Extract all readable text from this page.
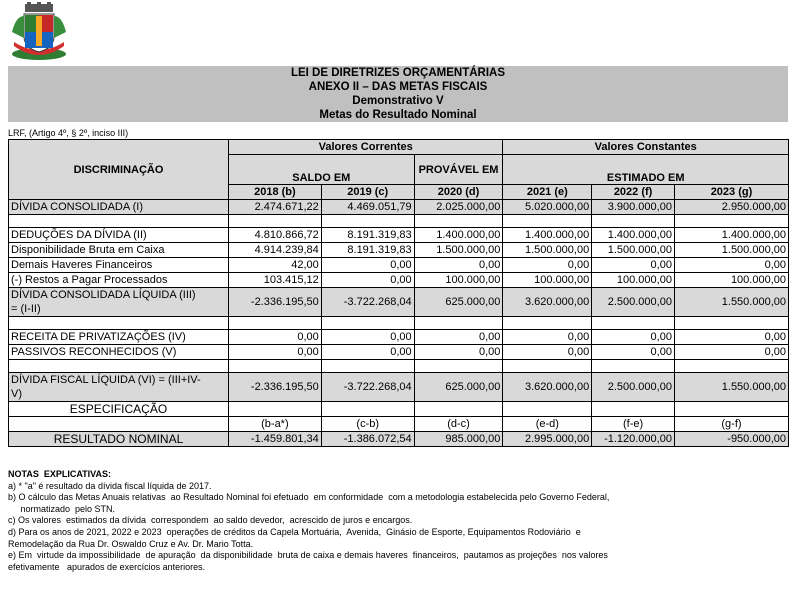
LEI DE DIRETRIZES ORÇAMENTÁRIAS
ANEXO II – DAS METAS FISCAIS
Demonstrativo V
Metas do Resultado Nominal
LRF, (Artigo 4º, § 2º, inciso III)
DISCRIMINAÇÃO	Valores Correntes			Valores Constantes		
	SALDO EM		PROVÁVEL EM	ESTIMADO EM		
	2018 (b)	2019 (c)	2020 (d)	2021 (e)	2022 (f)	2023 (g)
DÍVIDA CONSOLIDADA (I)	2.474.671,22	4.469.051,79	2.025.000,00	5.020.000,00	3.900.000,00	2.950.000,00

DEDUÇÕES DA DÍVIDA (II)	4.810.866,72	8.191.319,83	1.400.000,00	1.400.000,00	1.400.000,00	1.400.000,00
Disponibilidade Bruta em Caixa	4.914.239,84	8.191.319,83	1.500.000,00	1.500.000,00	1.500.000,00	1.500.000,00
Demais Haveres Financeiros	42,00	0,00	0,00	0,00	0,00	0,00
(-) Restos a Pagar Processados	103.415,12	0,00	100.000,00	100.000,00	100.000,00	100.000,00
DÍVIDA CONSOLIDADA LÍQUIDA (III)
= (I-II)	-2.336.195,50	-3.722.268,04	625.000,00	3.620.000,00	2.500.000,00	1.550.000,00

RECEITA DE PRIVATIZAÇÕES (IV)	0,00	0,00	0,00	0,00	0,00	0,00
PASSIVOS RECONHECIDOS (V)	0,00	0,00	0,00	0,00	0,00	0,00

DÍVIDA FISCAL LÍQUIDA (VI) = (III+IV-
V)	-2.336.195,50	-3.722.268,04	625.000,00	3.620.000,00	2.500.000,00	1.550.000,00
ESPECIFICAÇÃO						
	(b-a*)	(c-b)	(d-c)	(e-d)	(f-e)	(g-f)
RESULTADO NOMINAL	-1.459.801,34	-1.386.072,54	985.000,00	2.995.000,00	-1.120.000,00	-950.000,00
NOTAS  EXPLICATIVAS:
a) * "a" é resultado da dívida fiscal líquida de 2017.
b) O cálculo das Metas Anuais relativas  ao Resultado Nominal foi efetuado  em conformidade  com a metodologia estabelecida pelo Governo Federal,
normatizado  pelo STN.
c) Os valores  estimados da dívida  correspondem  ao saldo devedor,  acrescido de juros e encargos.
d) Para os anos de 2021, 2022 e 2023  operações de créditos da Capela Mortuária,  Avenida,  Ginásio de Esporte, Equipamentos Rodoviário  e
Remodelação da Rua Dr. Oswaldo Cruz e Av. Dr. Mario Totta.
e) Em  virtude da impossibilidade  de apuração  da disponibilidade  bruta de caixa e demais haveres  financeiros,  pautamos as projeções  nos valores
efetivamente   apurados de exercícios anteriores.
